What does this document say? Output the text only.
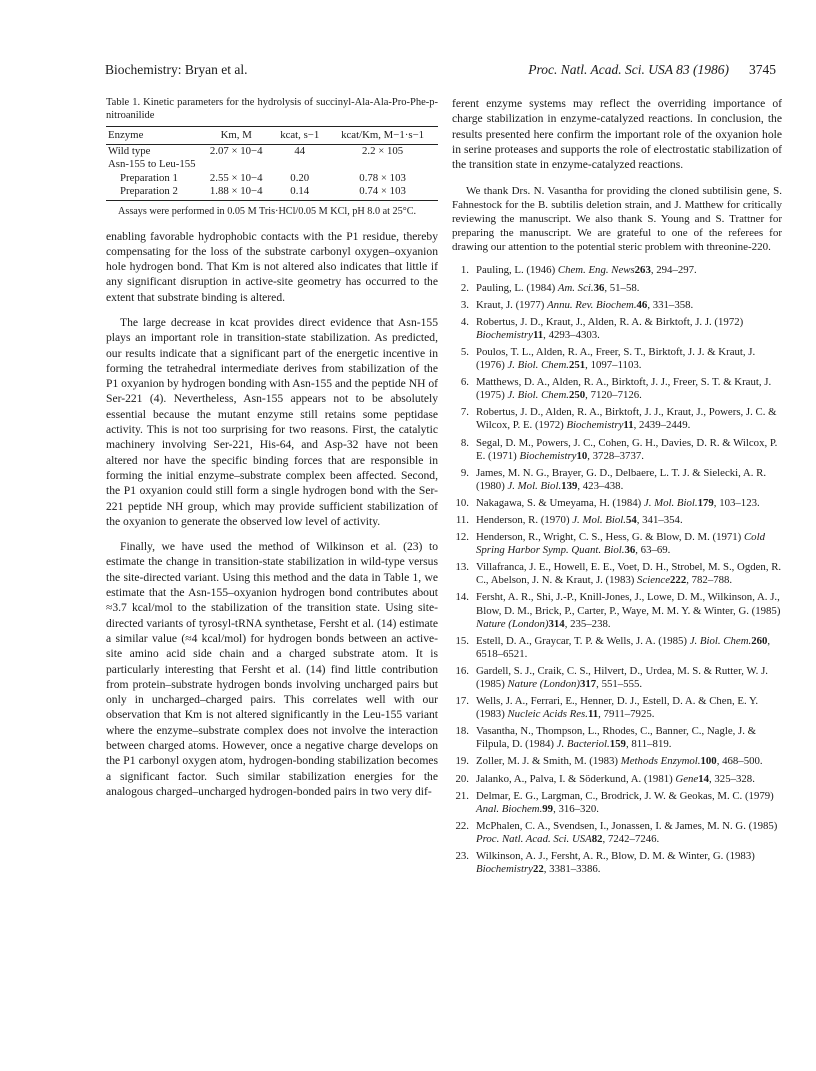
Biochemistry: Bryan et al.	Proc. Natl. Acad. Sci. USA 83 (1986) 3745
Table 1. Kinetic parameters for the hydrolysis of succinyl-Ala-Ala-Pro-Phe-p-nitroanilide
Enzyme	Km, M	kcat, s−1	kcat/Km, M−1·s−1
Wild type	2.07 × 10−4	44	2.2 × 105
Asn-155 to Leu-155			
Preparation 1	2.55 × 10−4	0.20	0.78 × 103
Preparation 2	1.88 × 10−4	0.14	0.74 × 103
Assays were performed in 0.05 M Tris·HCl/0.05 M KCl, pH 8.0 at 25°C.

enabling favorable hydrophobic contacts with the P1 residue, thereby compensating for the loss of the substrate carbonyl oxygen–oxyanion hole hydrogen bond. That Km is not altered also indicates that little if any significant disruption in active-site geometry has occurred to the extent that substrate binding is altered.

The large decrease in kcat provides direct evidence that Asn-155 plays an important role in transition-state stabilization. As predicted, our results indicate that a significant part of the energetic incentive in forming the tetrahedral intermediate derives from stabilization of the P1 oxyanion by hydrogen bonding with Asn-155 and the peptide NH of Ser-221 (4). Nevertheless, Asn-155 appears not to be absolutely essential because the mutant enzyme still retains some peptidase activity. This is not too surprising for two reasons. First, the catalytic machinery involving Ser-221, His-64, and Asp-32 have not been altered nor have the specific binding forces that are responsible in forming the initial enzyme–substrate complex been affected. Second, the P1 oxyanion could still form a single hydrogen bond with the Ser-221 peptide NH group, which may provide sufficient stabilization of the oxyanion to generate the observed low level of activity.

Finally, we have used the method of Wilkinson et al. (23) to estimate the change in transition-state stabilization in wild-type versus the site-directed variant. Using this method and the data in Table 1, we estimate that the Asn-155–oxyanion hydrogen bond contributes about ≈3.7 kcal/mol to the stabilization of the transition state. Using site-directed variants of tyrosyl-tRNA synthetase, Fersht et al. (14) estimate a similar value (≈4 kcal/mol) for hydrogen bonds between an active-site amino acid side chain and a charged substrate atom. It is particularly interesting that Fersht et al. (14) find little contribution from protein–substrate hydrogen bonds involving uncharged pairs but only in uncharged–charged pairs. This correlates well with our observation that Km is not altered significantly in the Leu-155 variant where the enzyme–substrate complex does not involve the interaction between charged atoms. However, once a negative charge develops on the P1 carbonyl oxygen atom, hydrogen-bonding stabilization becomes a significant factor. Such similar stabilization energies for the analogous charged–uncharged hydrogen-bonded pairs in two very dif-

ferent enzyme systems may reflect the overriding importance of charge stabilization in enzyme-catalyzed reactions. In conclusion, the results presented here confirm the important role of the oxyanion hole in serine proteases and supports the role of electrostatic stabilization of the transition state in enzyme-catalyzed reactions.

We thank Drs. N. Vasantha for providing the cloned subtilisin gene, S. Fahnestock for the B. subtilis deletion strain, and J. Matthew for critically reviewing the manuscript. We also thank S. Young and S. Trattner for preparing the manuscript. We are grateful to one of the referees for drawing our attention to the potential steric problem with threonine-220.

1. Pauling, L. (1946) Chem. Eng. News263, 294–297.
2. Pauling, L. (1984) Am. Sci.36, 51–58.
3. Kraut, J. (1977) Annu. Rev. Biochem.46, 331–358.
4. Robertus, J. D., Kraut, J., Alden, R. A. & Birktoft, J. J. (1972) Biochemistry11, 4293–4303.
5. Poulos, T. L., Alden, R. A., Freer, S. T., Birktoft, J. J. & Kraut, J. (1976) J. Biol. Chem.251, 1097–1103.
6. Matthews, D. A., Alden, R. A., Birktoft, J. J., Freer, S. T. & Kraut, J. (1975) J. Biol. Chem.250, 7120–7126.
7. Robertus, J. D., Alden, R. A., Birktoft, J. J., Kraut, J., Powers, J. C. & Wilcox, P. E. (1972) Biochemistry11, 2439–2449.
8. Segal, D. M., Powers, J. C., Cohen, G. H., Davies, D. R. & Wilcox, P. E. (1971) Biochemistry10, 3728–3737.
9. James, M. N. G., Brayer, G. D., Delbaere, L. T. J. & Sielecki, A. R. (1980) J. Mol. Biol.139, 423–438.
10. Nakagawa, S. & Umeyama, H. (1984) J. Mol. Biol.179, 103–123.
11. Henderson, R. (1970) J. Mol. Biol.54, 341–354.
12. Henderson, R., Wright, C. S., Hess, G. & Blow, D. M. (1971) Cold Spring Harbor Symp. Quant. Biol.36, 63–69.
13. Villafranca, J. E., Howell, E. E., Voet, D. H., Strobel, M. S., Ogden, R. C., Abelson, J. N. & Kraut, J. (1983) Science222, 782–788.
14. Fersht, A. R., Shi, J.-P., Knill-Jones, J., Lowe, D. M., Wilkinson, A. J., Blow, D. M., Brick, P., Carter, P., Waye, M. M. Y. & Winter, G. (1985) Nature (London)314, 235–238.
15. Estell, D. A., Graycar, T. P. & Wells, J. A. (1985) J. Biol. Chem.260, 6518–6521.
16. Gardell, S. J., Craik, C. S., Hilvert, D., Urdea, M. S. & Rutter, W. J. (1985) Nature (London)317, 551–555.
17. Wells, J. A., Ferrari, E., Henner, D. J., Estell, D. A. & Chen, E. Y. (1983) Nucleic Acids Res.11, 7911–7925.
18. Vasantha, N., Thompson, L., Rhodes, C., Banner, C., Nagle, J. & Filpula, D. (1984) J. Bacteriol.159, 811–819.
19. Zoller, M. J. & Smith, M. (1983) Methods Enzymol.100, 468–500.
20. Jalanko, A., Palva, I. & Söderkund, A. (1981) Gene14, 325–328.
21. Delmar, E. G., Largman, C., Brodrick, J. W. & Geokas, M. C. (1979) Anal. Biochem.99, 316–320.
22. McPhalen, C. A., Svendsen, I., Jonassen, I. & James, M. N. G. (1985) Proc. Natl. Acad. Sci. USA82, 7242–7246.
23. Wilkinson, A. J., Fersht, A. R., Blow, D. M. & Winter, G. (1983) Biochemistry22, 3381–3386.
